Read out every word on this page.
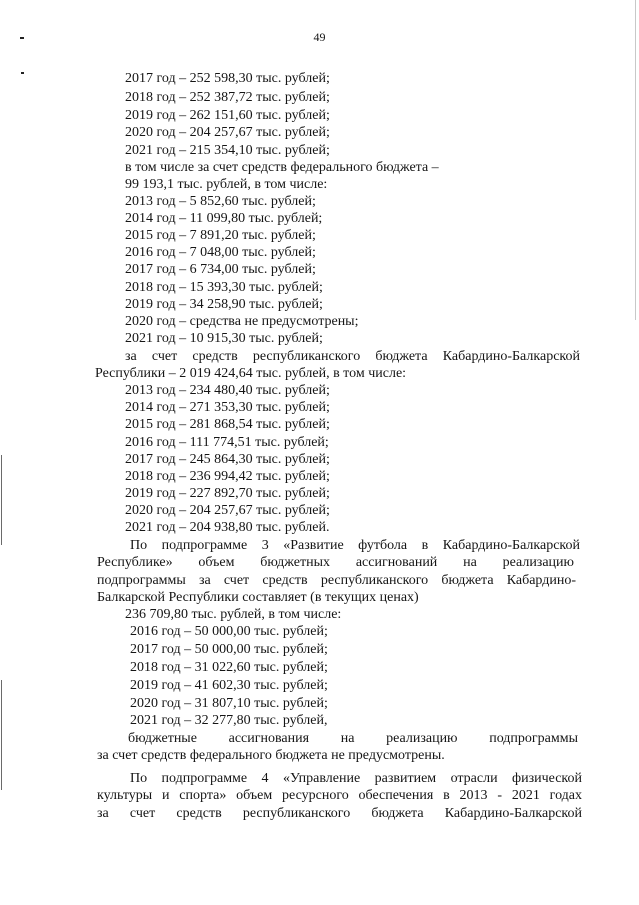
49
2017 год – 252 598,30 тыс. рублей;
2018 год – 252 387,72 тыс. рублей;
2019 год – 262 151,60 тыс. рублей;
2020 год – 204 257,67 тыс. рублей;
2021 год – 215 354,10 тыс. рублей;
в том числе за счет средств федерального бюджета –
99 193,1 тыс. рублей, в том числе:
2013 год – 5 852,60 тыс. рублей;
2014 год – 11 099,80 тыс. рублей;
2015 год – 7 891,20 тыс. рублей;
2016 год – 7 048,00 тыс. рублей;
2017 год – 6 734,00 тыс. рублей;
2018 год – 15 393,30 тыс. рублей;
2019 год – 34 258,90 тыс. рублей;
2020 год – средства не предусмотрены;
2021 год – 10 915,30 тыс. рублей;
за счет средств республиканского бюджета Кабардино-Балкарской
Республики – 2 019 424,64 тыс. рублей, в том числе:
2013 год – 234 480,40 тыс. рублей;
2014 год – 271 353,30 тыс. рублей;
2015 год – 281 868,54 тыс. рублей;
2016 год – 111 774,51 тыс. рублей;
2017 год – 245 864,30 тыс. рублей;
2018 год – 236 994,42 тыс. рублей;
2019 год – 227 892,70 тыс. рублей;
2020 год – 204 257,67 тыс. рублей;
2021 год – 204 938,80 тыс. рублей.
По подпрограмме 3 «Развитие футбола в Кабардино-Балкарской
Республике» объем бюджетных ассигнований на реализацию
подпрограммы за счет средств республиканского бюджета Кабардино-
Балкарской Республики составляет (в текущих ценах)
236 709,80 тыс. рублей, в том числе:
2016 год – 50 000,00 тыс. рублей;
2017 год – 50 000,00 тыс. рублей;
2018 год – 31 022,60 тыс. рублей;
2019 год – 41 602,30 тыс. рублей;
2020 год – 31 807,10 тыс. рублей;
2021 год – 32 277,80 тыс. рублей,
бюджетные ассигнования на реализацию подпрограммы
за счет средств федерального бюджета не предусмотрены.
По подпрограмме 4 «Управление развитием отрасли физической
культуры и спорта» объем ресурсного обеспечения в 2013 - 2021 годах
за счет средств республиканского бюджета Кабардино-Балкарской
